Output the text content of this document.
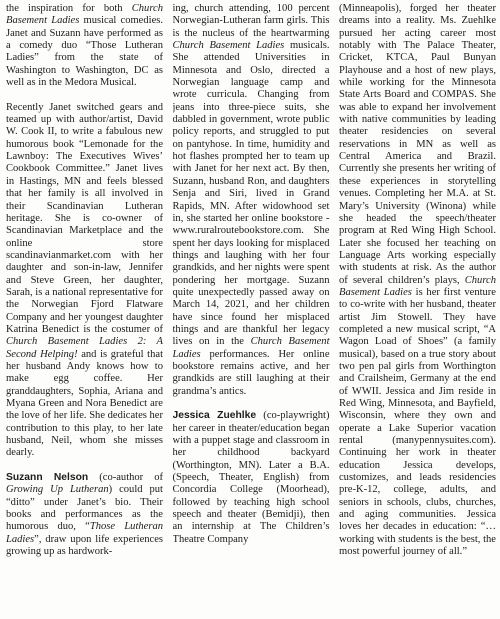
the inspiration for both Church Basement Ladies musical comedies. Janet and Suzann have performed as a comedy duo “Those Lutheran Ladies” from the state of Washington to Washington, DC as well as in the Medora Musical.

Recently Janet switched gears and teamed up with author/artist, David W. Cook II, to write a fabulous new humorous book “Lemonade for the Lawnboy: The Executives Wives’ Cookbook Committee.” Janet lives in Hastings, MN and feels blessed that her family is all involved in their Scandinavian Lutheran heritage. She is co-owner of Scandinavian Marketplace and the online store scandinavianmarket.com with her daughter and son-in-law, Jennifer and Steve Green, her daughter, Sarah, is a national representative for the Norwegian Fjord Flatware Company and her youngest daughter Katrina Benedict is the costumer of Church Basement Ladies 2: A Second Helping! and is grateful that her husband Andy knows how to make egg coffee. Her granddaughters, Sophia, Ariana and Myana Green and Nora Benedict are the love of her life. She dedicates her contribution to this play, to her late husband, Neil, whom she misses dearly.

Suzann Nelson (co-author of Growing Up Lutheran) could put “ditto” under Janet’s bio. Their books and performances as the humorous duo, “Those Lutheran Ladies”, draw upon life experiences growing up as hardwork-

ing, church attending, 100 percent Norwegian-Lutheran farm girls. This is the nucleus of the heartwarming Church Basement Ladies musicals. She attended Universities in Minnesota and Oslo, directed a Norwegian language camp and wrote curricula. Changing from jeans into three-piece suits, she dabbled in government, wrote public policy reports, and struggled to put on pantyhose. In time, humidity and hot flashes prompted her to team up with Janet for her next act. By then, Suzann, husband Ron, and daughters Senja and Siri, lived in Grand Rapids, MN. After widowhood set in, she started her online bookstore -www.ruralroutebookstore.com. She spent her days looking for misplaced things and laughing with her four grandkids, and her nights were spent pondering her mortgage. Suzann quite unexpectedly passed away on March 14, 2021, and her children have since found her misplaced things and are thankful her legacy lives on in the Church Basement Ladies performances. Her online bookstore remains active, and her grandkids are still laughing at their grandma’s antics.

Jessica Zuehlke (co-playwright) her career in theater/education began with a puppet stage and classroom in her childhood backyard (Worthington, MN). Later a B.A. (Speech, Theater, English) from Concordia College (Moorhead), followed by teaching high school speech and theater (Bemidji), then an internship at The Children’s Theatre Company

(Minneapolis), forged her theater dreams into a reality. Ms. Zuehlke pursued her acting career most notably with The Palace Theater, Cricket, KTCA, Paul Bunyan Playhouse and a host of new plays, while working for the Minnesota State Arts Board and COMPAS. She was able to expand her involvement with native communities by leading theater residencies on several reservations in MN as well as Central America and Brazil. Currently she presents her writing of these experiences in storytelling venues. Completing her M.A. at St. Mary’s University (Winona) while she headed the speech/theater program at Red Wing High School. Later she focused her teaching on Language Arts working especially with students at risk. As the author of several children’s plays, Church Basement Ladies is her first venture to co-write with her husband, theater artist Jim Stowell. They have completed a new musical script, “A Wagon Load of Shoes” (a family musical), based on a true story about two pen pal girls from Worthington and Crailsheim, Germany at the end of WWII. Jessica and Jim reside in Red Wing, Minnesota, and Bayfield, Wisconsin, where they own and operate a Lake Superior vacation rental (manypennysuites.com). Continuing her work in theater education Jessica develops, customizes, and leads residencies pre-K-12, college, adults, and seniors in schools, clubs, churches, and aging communities. Jessica loves her decades in education: “…working with students is the best, the most powerful journey of all.”
